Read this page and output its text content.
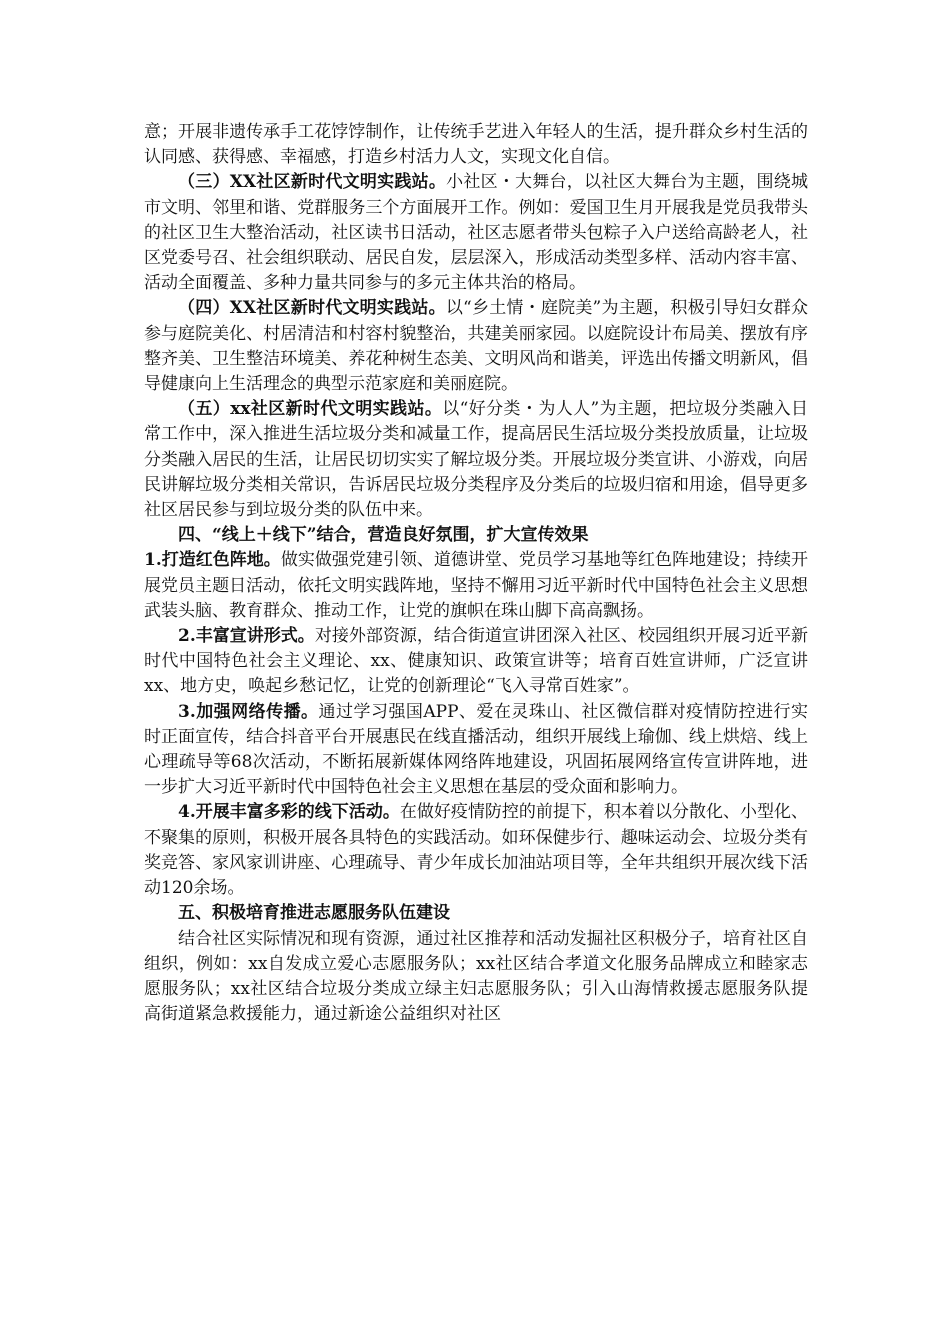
意；开展非遗传承手工花饽饽制作，让传统手艺进入年轻人的生活，提升群众乡村生活的认同感、获得感、幸福感，打造乡村活力人文，实现文化自信。

（三）XX社区新时代文明实践站。小社区・大舞台，以社区大舞台为主题，围绕城市文明、邻里和谐、党群服务三个方面展开工作。例如：爱国卫生月开展我是党员我带头的社区卫生大整治活动，社区读书日活动，社区志愿者带头包粽子入户送给高龄老人，社区党委号召、社会组织联动、居民自发，层层深入，形成活动类型多样、活动内容丰富、活动全面覆盖、多种力量共同参与的多元主体共治的格局。

（四）XX社区新时代文明实践站。以“乡土情・庭院美”为主题，积极引导妇女群众参与庭院美化、村居清洁和村容村貌整治，共建美丽家园。以庭院设计布局美、摆放有序整齐美、卫生整洁环境美、养花种树生态美、文明风尚和谐美，评选出传播文明新风，倡导健康向上生活理念的典型示范家庭和美丽庭院。

（五）xx社区新时代文明实践站。以“好分类・为人人”为主题，把垃圾分类融入日常工作中，深入推进生活垃圾分类和减量工作，提高居民生活垃圾分类投放质量，让垃圾分类融入居民的生活，让居民切切实实了解垃圾分类。开展垃圾分类宣讲、小游戏，向居民讲解垃圾分类相关常识，告诉居民垃圾分类程序及分类后的垃圾归宿和用途，倡导更多社区居民参与到垃圾分类的队伍中来。

四、“线上＋线下”结合，营造良好氛围，扩大宣传效果

1.打造红色阵地。做实做强党建引领、道德讲堂、党员学习基地等红色阵地建设；持续开展党员主题日活动，依托文明实践阵地，坚持不懈用习近平新时代中国特色社会主义思想武装头脑、教育群众、推动工作，让党的旗帜在珠山脚下高高飘扬。

2.丰富宣讲形式。对接外部资源，结合街道宣讲团深入社区、校园组织开展习近平新时代中国特色社会主义理论、xx、健康知识、政策宣讲等；培育百姓宣讲师，广泛宣讲xx、地方史，唤起乡愁记忆，让党的创新理论“飞入寻常百姓家”。

3.加强网络传播。通过学习强国APP、爱在灵珠山、社区微信群对疫情防控进行实时正面宣传，结合抖音平台开展惠民在线直播活动，组织开展线上瑜伽、线上烘焙、线上心理疏导等68次活动，不断拓展新媒体网络阵地建设，巩固拓展网络宣传宣讲阵地，进一步扩大习近平新时代中国特色社会主义思想在基层的受众面和影响力。

4.开展丰富多彩的线下活动。在做好疫情防控的前提下，积本着以分散化、小型化、不聚集的原则，积极开展各具特色的实践活动。如环保健步行、趣味运动会、垃圾分类有奖竞答、家风家训讲座、心理疏导、青少年成长加油站项目等，全年共组织开展次线下活动120余场。

五、积极培育推进志愿服务队伍建设

结合社区实际情况和现有资源，通过社区推荐和活动发掘社区积极分子，培育社区自组织，例如：xx自发成立爱心志愿服务队；xx社区结合孝道文化服务品牌成立和睦家志愿服务队；xx社区结合垃圾分类成立绿主妇志愿服务队；引入山海情救援志愿服务队提高街道紧急救援能力，通过新途公益组织对社区
